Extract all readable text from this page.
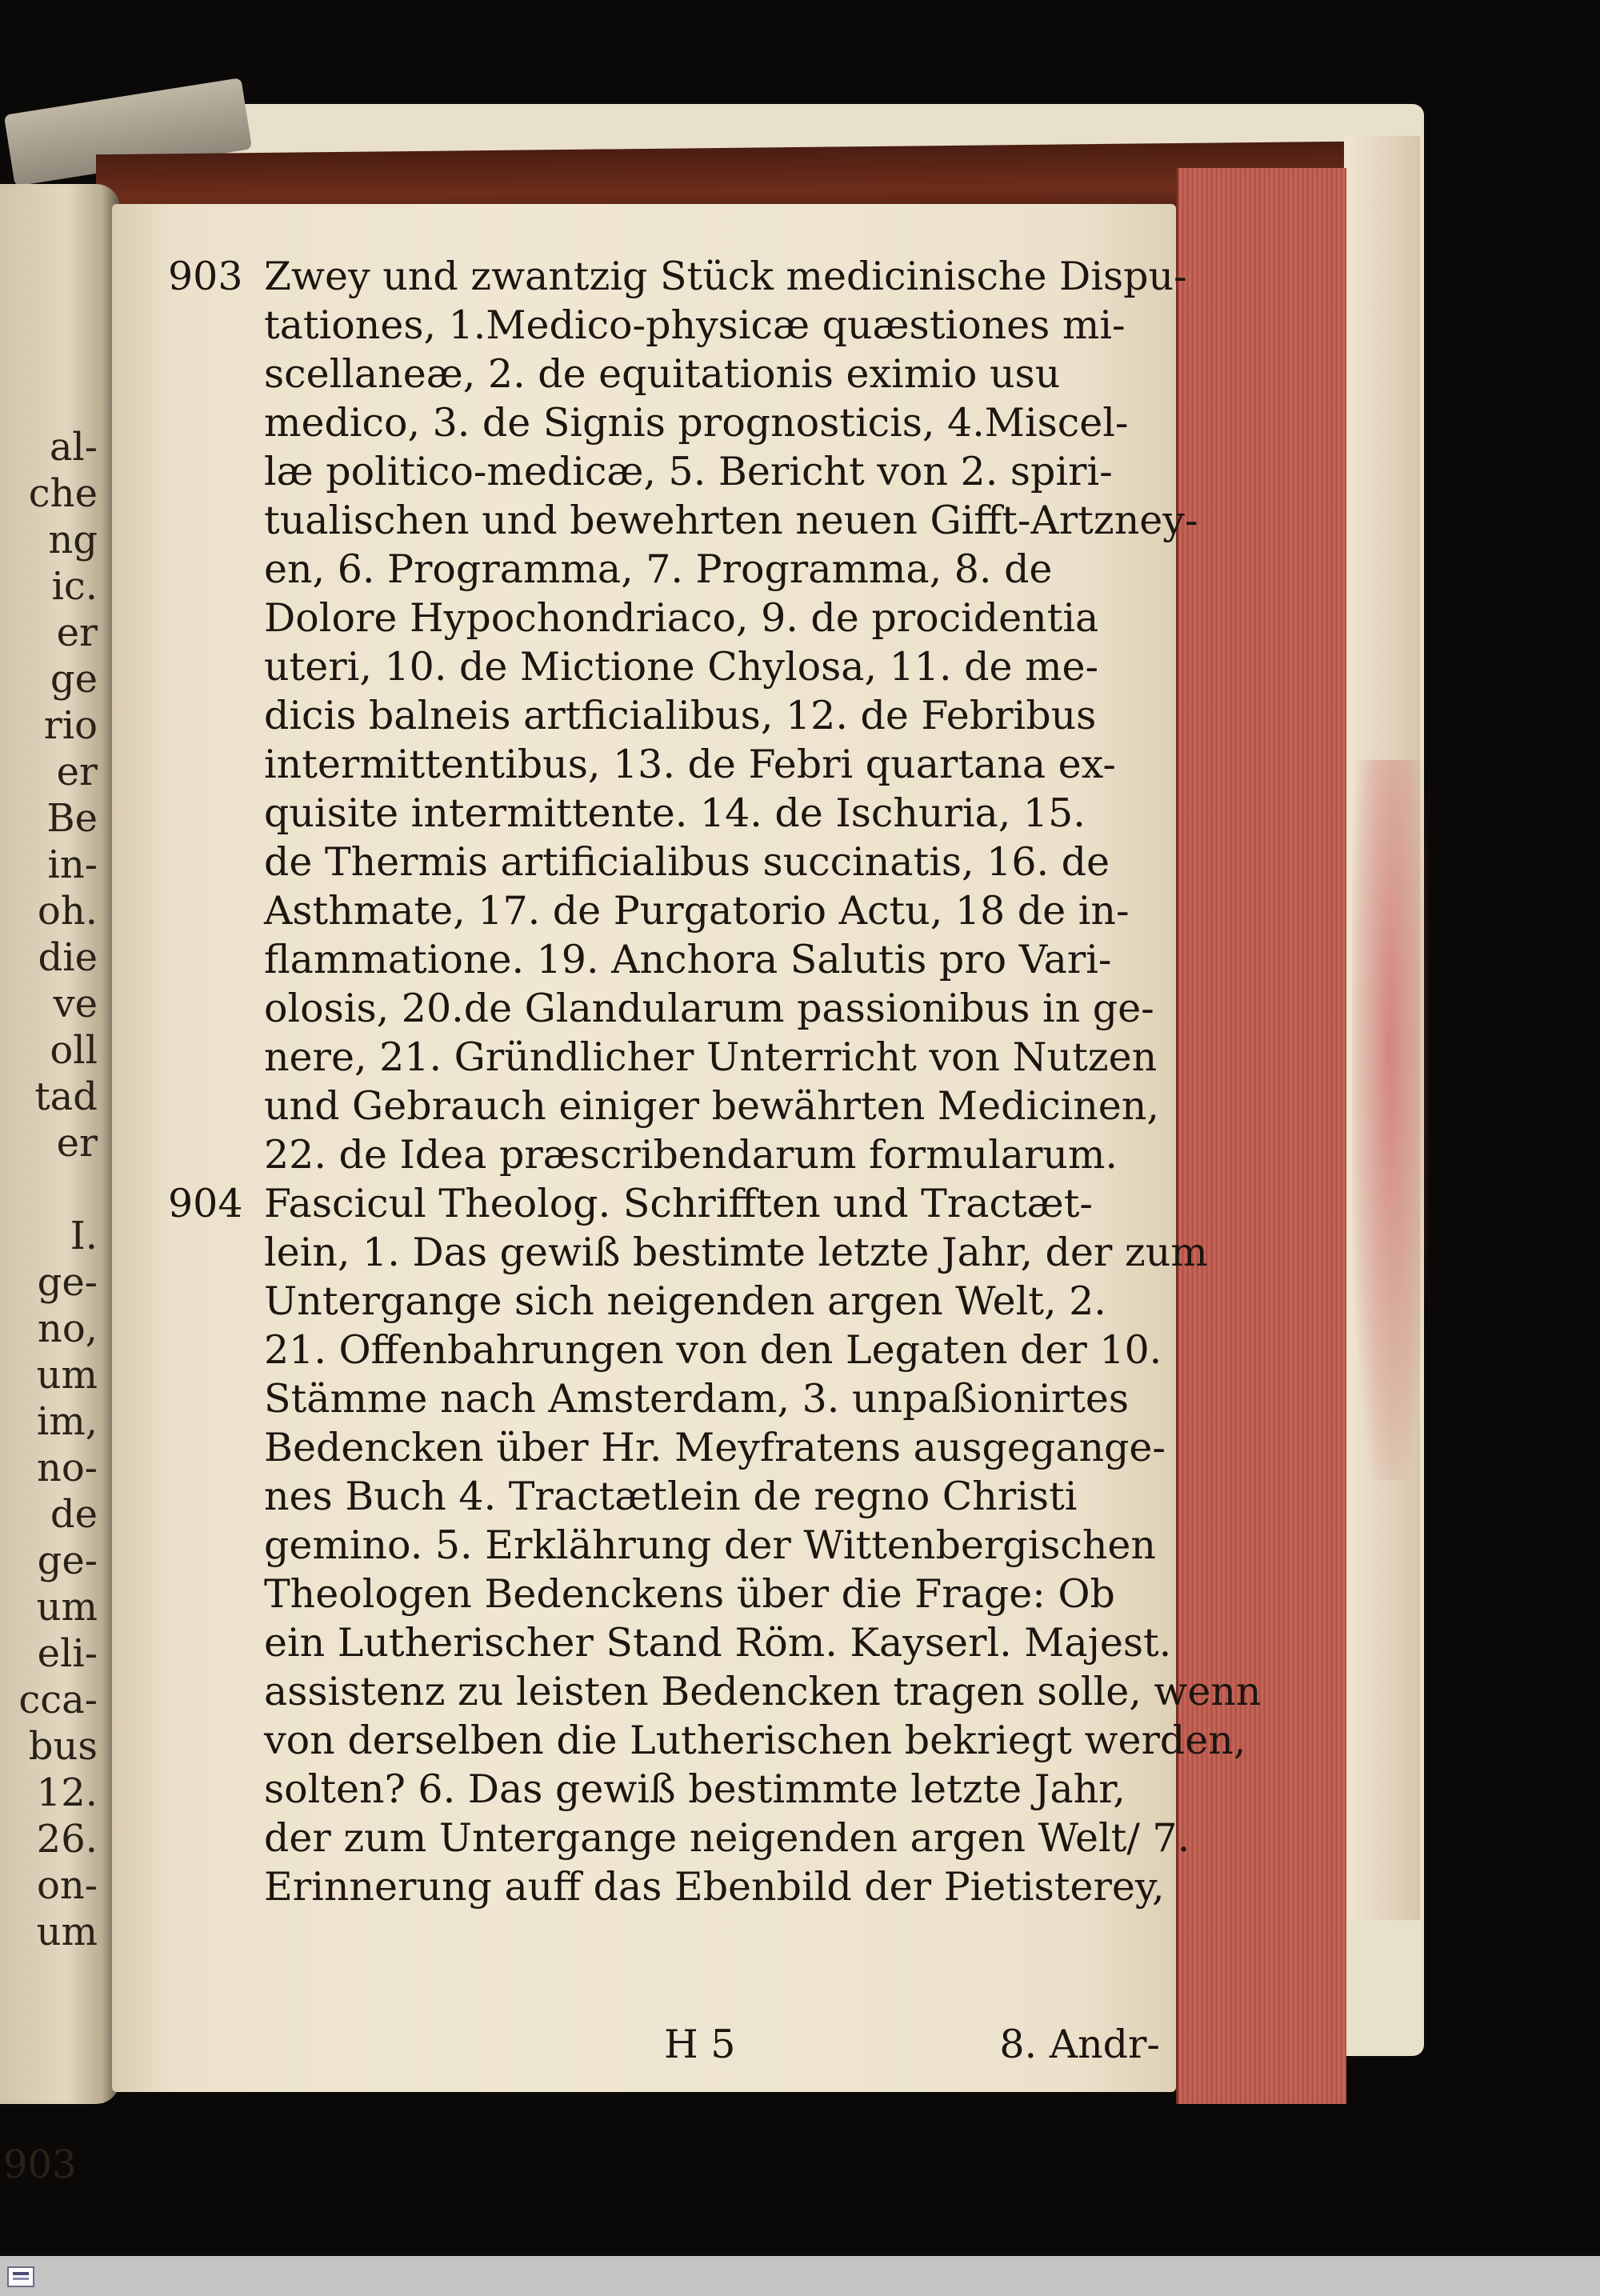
al-
che
ng
ic.
er
ge
rio
er
Be
in-
oh.
die
ve
oll
tad
er
I.
ge-
no,
um
im,
no-
de
ge-
um
eli-
cca-
bus
12.
26.
on-
um
903
903 Zwey und zwantzig Stück medicinische Dispu-
tationes, 1.Medico-physicæ quæstiones mi-
scellaneæ, 2. de equitationis eximio usu
medico, 3. de Signis prognosticis, 4.Miscel-
læ politico-medicæ, 5. Bericht von 2. spiri-
tualischen und bewehrten neuen Gifft-Artzney-
en, 6. Programma, 7. Programma, 8. de
Dolore Hypochondriaco, 9. de procidentia
uteri, 10. de Mictione Chylosa, 11. de me-
dicis balneis artficialibus, 12. de Febribus
intermittentibus, 13. de Febri quartana ex-
quisite intermittente. 14. de Ischuria, 15.
de Thermis artificialibus succinatis, 16. de
Asthmate, 17. de Purgatorio Actu, 18 de in-
flammatione. 19. Anchora Salutis pro Vari-
olosis, 20.de Glandularum passionibus in ge-
nere, 21. Gründlicher Unterricht von Nutzen
und Gebrauch einiger bewährten Medicinen,
22. de Idea præscribendarum formularum.
904 Fascicul Theolog. Schrifften und Tractæt-
lein, 1. Das gewiß bestimte letzte Jahr, der zum
Untergange sich neigenden argen Welt, 2.
21. Offenbahrungen von den Legaten der 10.
Stämme nach Amsterdam, 3. unpaßionirtes
Bedencken über Hr. Meyfratens ausgegange-
nes Buch 4. Tractætlein de regno Christi
gemino. 5. Erklährung der Wittenbergischen
Theologen Bedenckens über die Frage: Ob
ein Lutherischer Stand Röm. Kayserl. Majest.
assistenz zu leisten Bedencken tragen solle, wenn
von derselben die Lutherischen bekriegt werden,
solten? 6. Das gewiß bestimmte letzte Jahr,
der zum Untergange neigenden argen Welt/ 7.
Erinnerung auff das Ebenbild der Pietisterey,
H 5	8. Andr-
